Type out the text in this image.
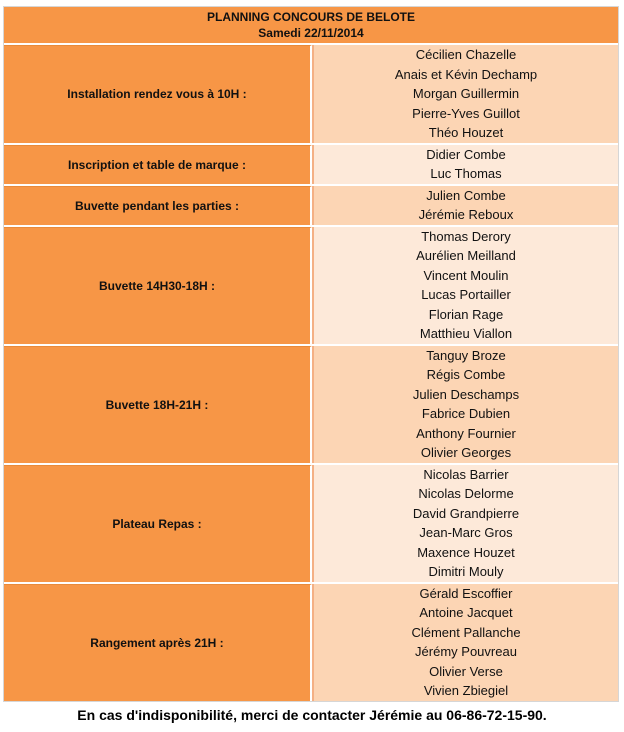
PLANNING CONCOURS DE BELOTE
Samedi 22/11/2014
Installation rendez vous à 10H :
Cécilien Chazelle
Anais et Kévin Dechamp
Morgan Guillermin
Pierre-Yves Guillot
Théo Houzet
Inscription et table de marque :
Didier Combe
Luc Thomas
Buvette pendant les parties :
Julien Combe
Jérémie Reboux
Buvette 14H30-18H :
Thomas Derory
Aurélien Meilland
Vincent Moulin
Lucas Portailler
Florian Rage
Matthieu Viallon
Buvette 18H-21H :
Tanguy Broze
Régis Combe
Julien Deschamps
Fabrice Dubien
Anthony Fournier
Olivier Georges
Plateau Repas :
Nicolas Barrier
Nicolas Delorme
David Grandpierre
Jean-Marc Gros
Maxence Houzet
Dimitri Mouly
Rangement après 21H :
Gérald Escoffier
Antoine Jacquet
Clément Pallanche
Jérémy Pouvreau
Olivier Verse
Vivien Zbiegiel
En cas d'indisponibilité, merci de contacter Jérémie au 06-86-72-15-90.
